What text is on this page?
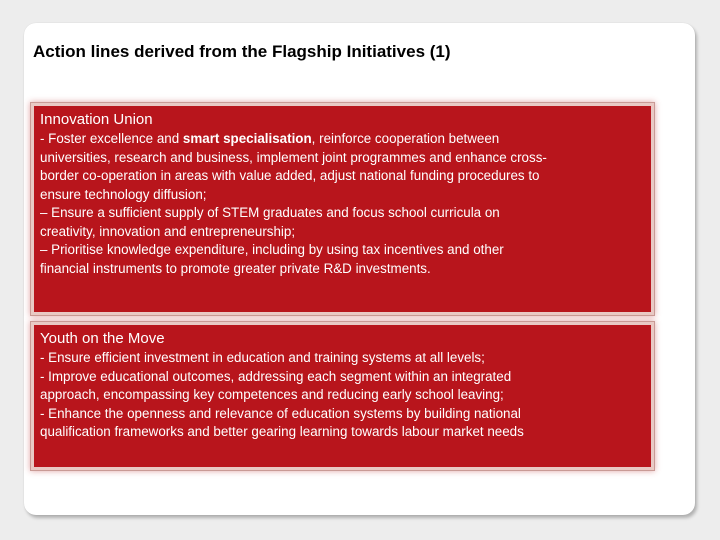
Action lines derived from the Flagship Initiatives (1)
Innovation Union
- Foster excellence and smart specialisation, reinforce cooperation between
universities, research and business, implement joint programmes and enhance cross-
border co-operation in areas with value added, adjust national funding procedures to
ensure technology diffusion;
– Ensure a sufficient supply of STEM graduates and focus school curricula on
creativity, innovation and entrepreneurship;
– Prioritise knowledge expenditure, including by using tax incentives and other
financial instruments to promote greater private R&D investments.
Youth on the Move
- Ensure efficient investment in education and training systems at all levels;
- Improve educational outcomes, addressing each segment within an integrated
approach, encompassing key competences and reducing early school leaving;
- Enhance the openness and relevance of education systems by building national
qualification frameworks and better gearing learning towards labour market needs
